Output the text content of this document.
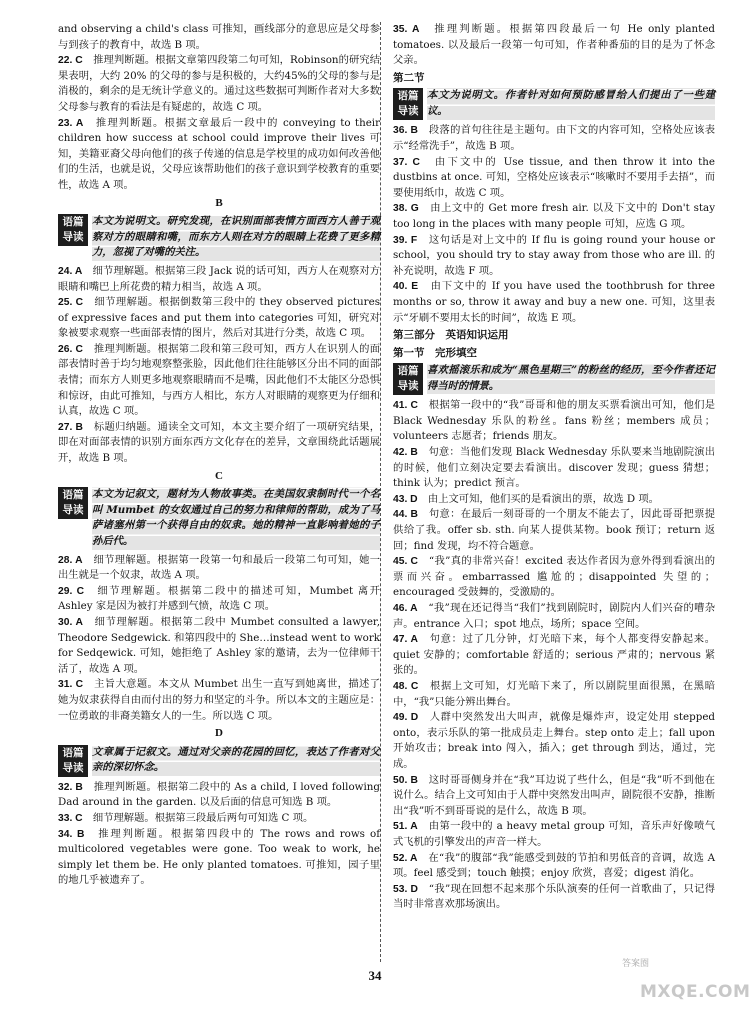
and observing a child's class 可推知，画线部分的意思应是父母参与到孩子的教育中，故选 B 项。

22. C　 推理判断题。根据文章第四段第二句可知，Robinson的研究结果表明，大约 20% 的父母的参与是积极的，大约45%的父母的参与是消极的，剩余的是无统计学意义的。通过这些数据可判断作者对大多数父母参与教育的看法是有疑虑的，故选 C 项。

23. A　 推理判断题。根据文章最后一段中的 conveying to their children how success at school could improve their lives 可知，美籍亚裔父母向他们的孩子传递的信息是学校里的成功如何改善他们的生活，也就是说，父母应该帮助他们的孩子意识到学校教育的重要性，故选 A 项。

B
语篇
导读
本文为说明文。研究发现，在识别面部表情方面西方人善于观察对方的眼睛和嘴，而东方人则在对方的眼睛上花费了更多精力，忽视了对嘴的关注。

24. A　 细节理解题。根据第三段 Jack 说的话可知，西方人在观察对方眼睛和嘴巴上所花费的精力相当，故选 A 项。

25. C　 细节理解题。根据倒数第三段中的 they observed pictures of expressive faces and put them into categories 可知，研究对象被要求观察一些面部表情的图片，然后对其进行分类，故选 C 项。

26. C　 推理判断题。根据第二段和第三段可知，西方人在识别人的面部表情时善于均匀地观察整张脸，因此他们往往能够区分出不同的面部表情；而东方人则更多地观察眼睛而不是嘴，因此他们不太能区分恐惧和惊讶，由此可推知，与西方人相比，东方人对眼睛的观察更为仔细和认真，故选 C 项。

27. B　 标题归纳题。通读全文可知，本文主要介绍了一项研究结果，即在对面部表情的识别方面东西方文化存在的差异，文章围绕此话题展开，故选 B 项。

C
语篇
导读
本文为记叙文，题材为人物故事类。在美国奴隶制时代一个名叫 Mumbet 的女奴通过自己的努力和律师的帮助，成为了马萨诸塞州第一个获得自由的奴隶。她的精神一直影响着她的子孙后代。

28. A　 细节理解题。根据第一段第一句和最后一段第二句可知，她一出生就是一个奴隶，故选 A 项。

29. C　 细节理解题。根据第二段中的描述可知，Mumbet 离开 Ashley 家是因为被打并感到气愤，故选 C 项。

30. A　 细节理解题。根据第二段中 Mumbet consulted a lawyer, Theodore Sedgewick. 和第四段中的 She…instead went to work for Sedqewick. 可知，她拒绝了 Ashley 家的邀请，去为一位律师干活了，故选 A 项。

31. C　 主旨大意题。本文从 Mumbet 出生一直写到她离世，描述了她为奴隶获得自由而付出的努力和坚定的斗争。所以本文的主题应是：一位勇敢的非裔美籍女人的一生。所以选 C 项。

D
语篇
导读
文章属于记叙文。通过对父亲的花园的回忆，表达了作者对父亲的深切怀念。

32. B　 推理判断题。根据第二段中的 As a child, I loved following Dad around in the garden. 以及后面的信息可知选 B 项。

33. C　 细节理解题。根据第三段最后两句可知选 C 项。

34. B　 推理判断题。根据第四段中的 The rows and rows of multicolored vegetables were gone. Too weak to work, he simply let them be. He only planted tomatoes. 可推知，园子里的地几乎被遗弃了。

35. A　 推理判断题。根据第四段最后一句 He only planted tomatoes. 以及最后一段第一句可知，作者种番茄的目的是为了怀念父亲。

第二节
语篇
导读
本文为说明文。作者针对如何预防感冒给人们提出了一些建议。

36. B　 段落的首句往往是主题句。由下文的内容可知，空格处应该表示“经常洗手”，故选 B 项。

37. C　 由下文中的 Use tissue, and then throw it into the dustbins at once. 可知，空格处应该表示“咳嗽时不要用手去捂”，而要使用纸巾，故选 C 项。

38. G　 由上文中的 Get more fresh air. 以及下文中的 Don't stay too long in the places with many people 可知，应选 G 项。

39. F　 这句话是对上文中的 If flu is going round your house or school，you should try to stay away from those who are ill. 的补充说明，故选 F 项。

40. E　 由下文中的 If you have used the toothbrush for three months or so, throw it away and buy a new one. 可知，这里表示“牙刷不要用太长的时间”，故选 E 项。

第三部分　英语知识运用
第一节　完形填空
语篇
导读
喜欢摇滚乐和成为“黑色星期三”的粉丝的经历，至今作者还记得当时的情景。

41. C　 根据第一段中的“我”哥哥和他的朋友买票看演出可知，他们是 Black Wednesday 乐队的粉丝。fans 粉丝；members 成员；volunteers 志愿者；friends 朋友。

42. B　 句意：当他们发现 Black Wednesday 乐队要来当地剧院演出的时候，他们立刻决定要去看演出。discover 发现；guess 猜想；think 认为；predict 预言。

43. D　 由上文可知，他们买的是看演出的票，故选 D 项。

44. B　 句意：在最后一刻哥哥的一个朋友不能去了，因此哥哥把票提供给了我。offer sb. sth. 向某人提供某物。book 预订；return 返回；find 发现，均不符合题意。

45. C　 “我”真的非常兴奋！excited 表达作者因为意外得到看演出的票而兴奋。embarrassed 尴尬的；disappointed 失望的；encouraged 受鼓舞的，受激励的。

46. A　 “我”现在还记得当“我们”找到剧院时，剧院内人们兴奋的嘈杂声。entrance 入口；spot 地点，场所；space 空间。

47. A　 句意：过了几分钟，灯光暗下来，每个人都变得安静起来。quiet 安静的；comfortable 舒适的；serious 严肃的；nervous 紧张的。

48. C　 根据上文可知，灯光暗下来了，所以剧院里面很黑，在黑暗中，“我”只能分辨出舞台。

49. D　 人群中突然发出大叫声，就像是爆炸声，设定处用 stepped onto，表示乐队的第一批成员走上舞台。step onto 走上；fall upon 开始攻击；break into 闯入，插入；get through 到达，通过，完成。

50. B　 这时哥哥侧身并在“我”耳边说了些什么，但是“我”听不到他在说什么。结合上文可知由于人群中突然发出叫声，剧院很不安静，推断出“我”听不到哥哥说的是什么，故选 B 项。

51. A　 由第一段中的 a heavy metal group 可知，音乐声好像喷气式飞机的引擎发出的声音一样大。

52. A　 在“我”的腹部“我”能感受到鼓的节拍和男低音的音调，故选 A 项。feel 感受到；touch 触摸；enjoy 欣赏，喜爱；digest 消化。

53. D　 “我”现在回想不起来那个乐队演奏的任何一首歌曲了，只记得当时非常喜欢那场演出。

34
答案圈
MXQE.COM
